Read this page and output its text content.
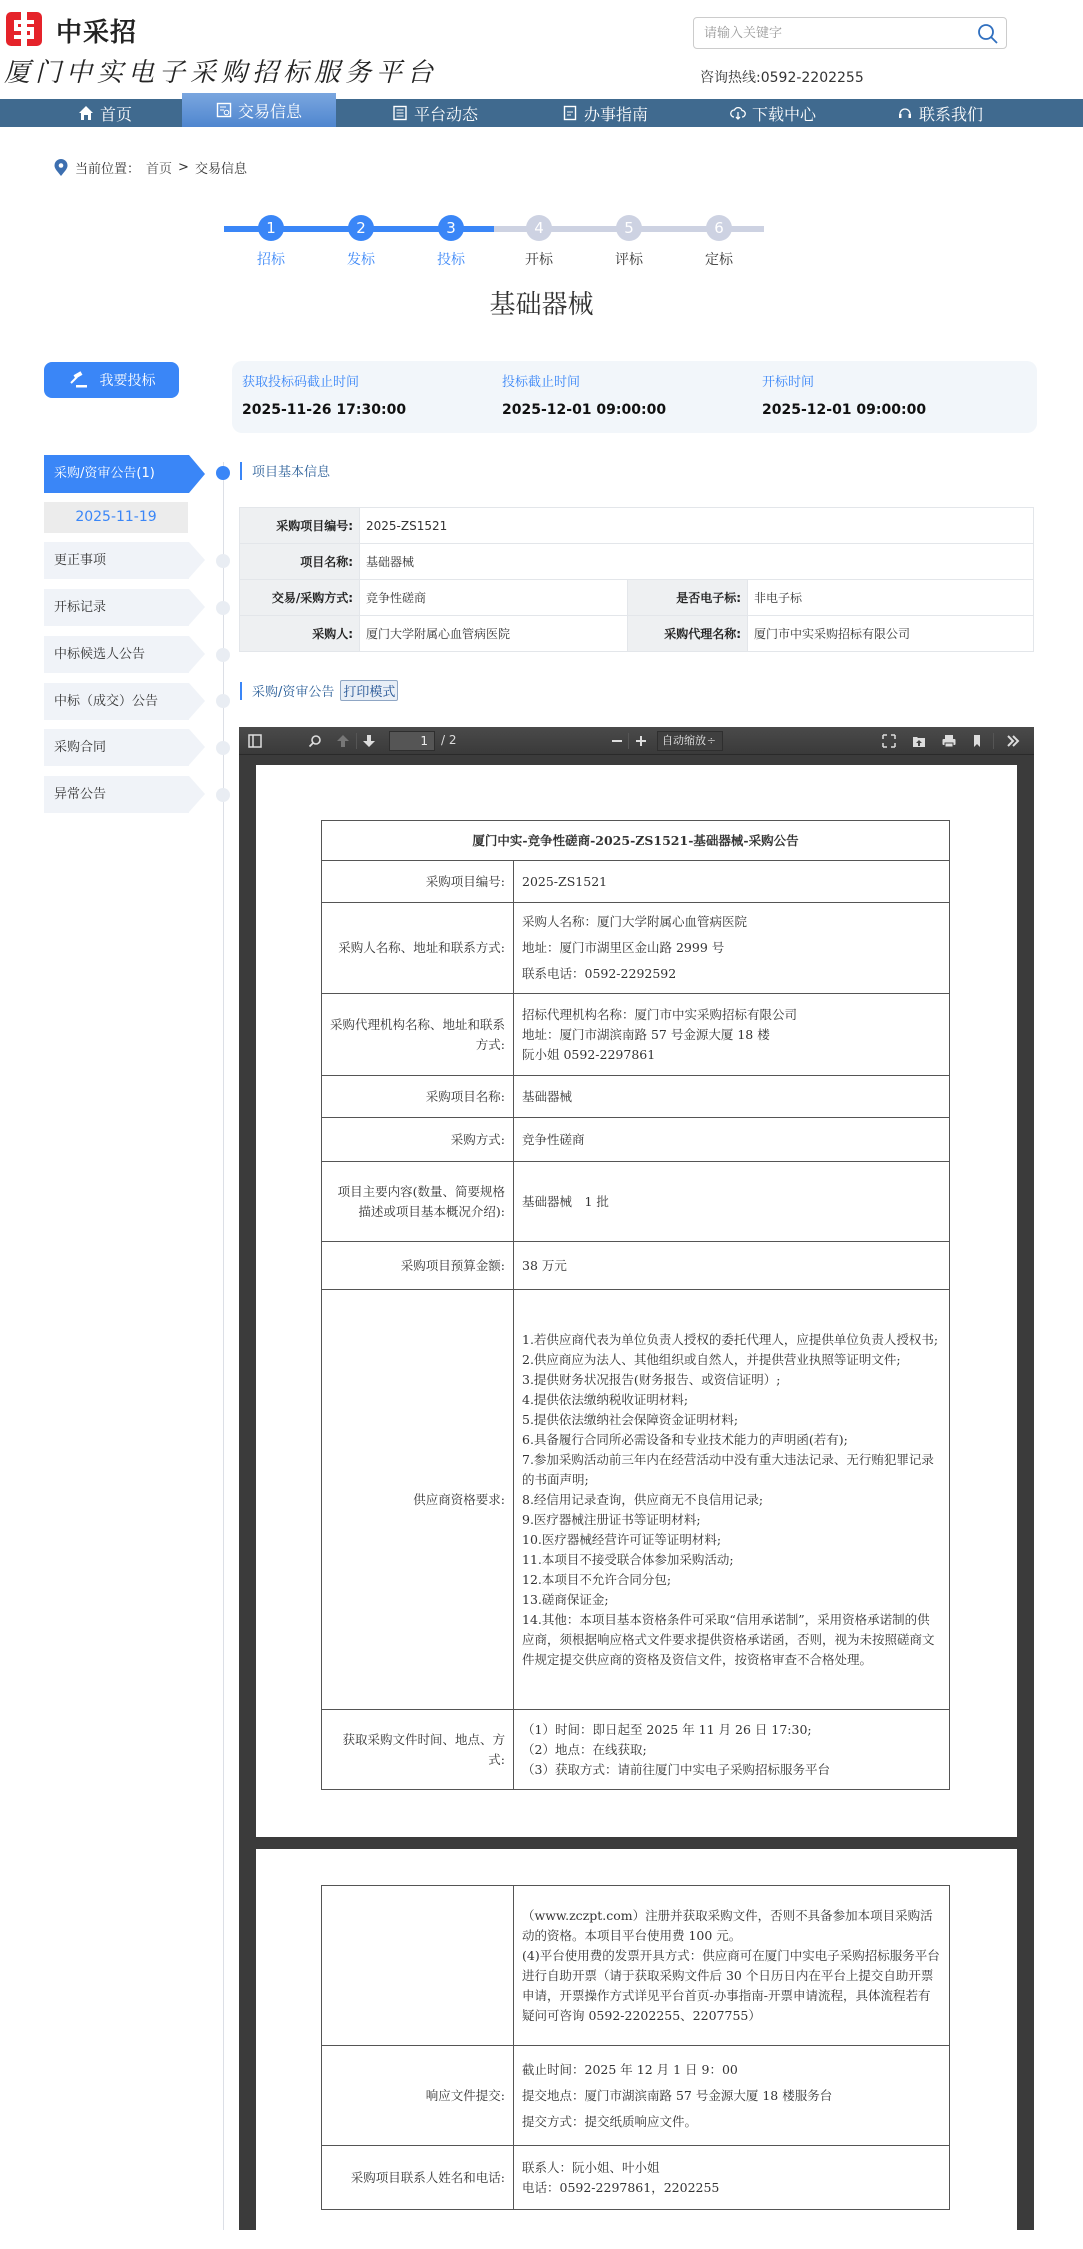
中采招
厦门中实电子采购招标服务平台
请输入关键字	咨询热线:0592-2202255
首页	交易信息	平台动态	办事指南	下载中心	联系我们
当前位置： 首页 > 交易信息
1
招标
2
发标
3
投标
4
开标
5
评标
6
定标
基础器械
我要投标	获取投标码截止时间
2025-11-26 17:30:00
投标截止时间
2025-12-01 09:00:00
开标时间
2025-12-01 09:00:00
采购/资审公告(1)
2025-11-19
更正事项
开标记录
中标候选人公告
中标（成交）公告
采购合同
异常公告
项目基本信息
采购项目编号:	2025-ZS1521		
项目名称:	基础器械		
交易/采购方式:	竞争性磋商	是否电子标:	非电子标
采购人:	厦门大学附属心血管病医院	采购代理名称:	厦门市中实采购招标有限公司
采购/资审公告 打印模式
1	/ 2	自动缩放 ÷
厦门中实-竞争性磋商-2025-ZS1521-基础器械-采购公告	
采购项目编号:	2025-ZS1521
采购人名称、地址和联系方式:	采购人名称：厦门大学附属心血管病医院
地址：厦门市湖里区金山路 2999 号
联系电话：0592-2292592

采购代理机构名称、地址和联系方式:	招标代理机构名称：厦门市中实采购招标有限公司
地址：厦门市湖滨南路 57 号金源大厦 18 楼
阮小姐 0592-2297861

采购项目名称:	基础器械
采购方式:	竞争性磋商
项目主要内容(数量、简要规格描述或项目基本概况介绍):	基础器械　1 批
采购项目预算金额:	38 万元
供应商资格要求:	
1.若供应商代表为单位负责人授权的委托代理人，应提供单位负责人授权书;
2.供应商应为法人、其他组织或自然人，并提供营业执照等证明文件;
3.提供财务状况报告(财务报告、或资信证明）;
4.提供依法缴纳税收证明材料;
5.提供依法缴纳社会保障资金证明材料;
6.具备履行合同所必需设备和专业技术能力的声明函(若有);
7.参加采购活动前三年内在经营活动中没有重大违法记录、无行贿犯罪记录的书面声明;
8.经信用记录查询，供应商无不良信用记录;
9.医疗器械注册证书等证明材料;
10.医疗器械经营许可证等证明材料;
11.本项目不接受联合体参加采购活动;
12.本项目不允许合同分包;
13.磋商保证金;
14.其他：本项目基本资格条件可采取“信用承诺制”，采用资格承诺制的供应商，须根据响应格式文件要求提供资格承诺函，否则，视为未按照磋商文件规定提交供应商的资格及资信文件，按资格审查不合格处理。

获取采购文件时间、地点、方式:	（1）时间：即日起至 2025 年 11 月 26 日 17:30;
（2）地点：在线获取;
（3）获取方式：请前往厦门中实电子采购招标服务平台

	（www.zczpt.com）注册并获取采购文件，否则不具备参加本项目采购活动的资格。本项目平台使用费 100 元。
(4)平台使用费的发票开具方式：供应商可在厦门中实电子采购招标服务平台进行自助开票（请于获取采购文件后 30 个日历日内在平台上提交自助开票申请，开票操作方式详见平台首页-办事指南-开票申请流程，具体流程若有疑问可咨询 0592-2202255、2207755）

响应文件提交:	截止时间：2025 年 12 月 1 日 9：00
提交地点：厦门市湖滨南路 57 号金源大厦 18 楼服务台
提交方式：提交纸质响应文件。

采购项目联系人姓名和电话:	联系人：阮小姐、叶小姐
电话：0592-2297861，2202255
